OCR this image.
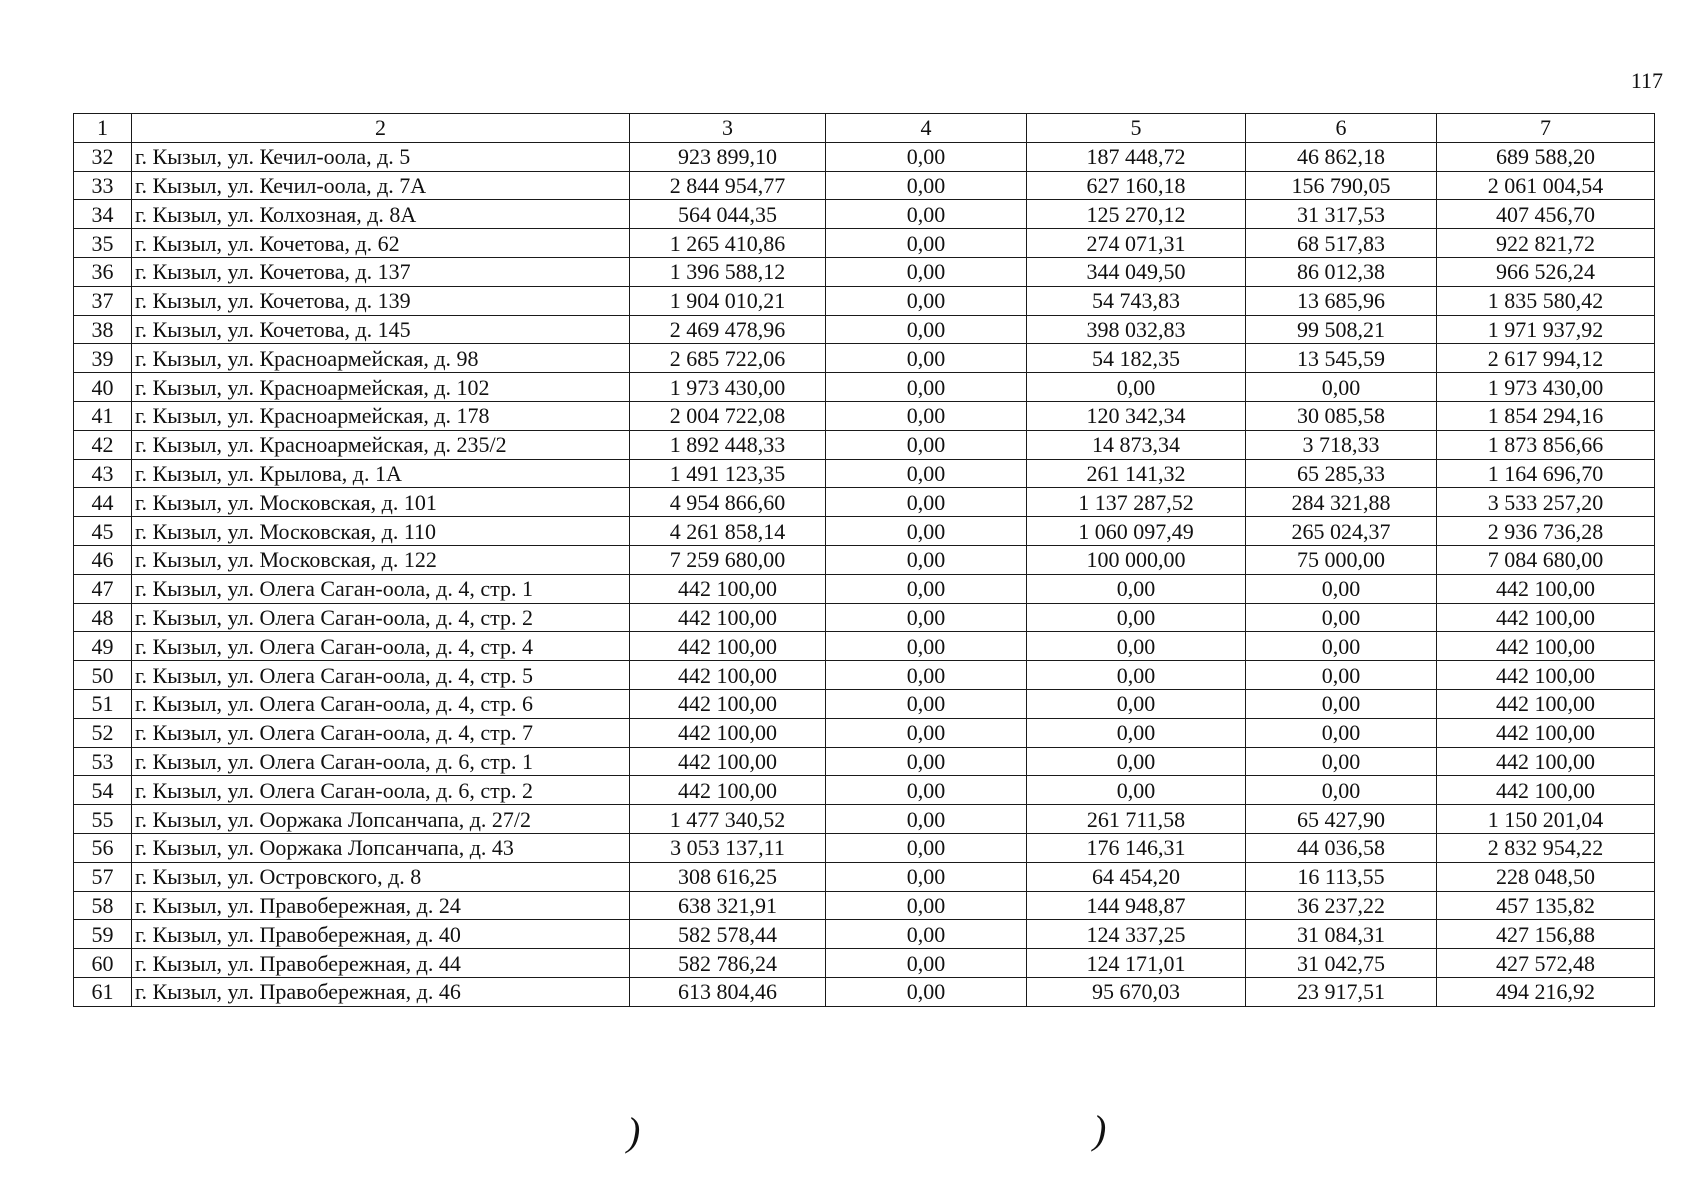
117
1	2	3	4	5	6	7
32	г. Кызыл, ул. Кечил-оола, д. 5	923 899,10	0,00	187 448,72	46 862,18	689 588,20
33	г. Кызыл, ул. Кечил-оола, д. 7А	2 844 954,77	0,00	627 160,18	156 790,05	2 061 004,54
34	г. Кызыл, ул. Колхозная, д. 8А	564 044,35	0,00	125 270,12	31 317,53	407 456,70
35	г. Кызыл, ул. Кочетова, д. 62	1 265 410,86	0,00	274 071,31	68 517,83	922 821,72
36	г. Кызыл, ул. Кочетова, д. 137	1 396 588,12	0,00	344 049,50	86 012,38	966 526,24
37	г. Кызыл, ул. Кочетова, д. 139	1 904 010,21	0,00	54 743,83	13 685,96	1 835 580,42
38	г. Кызыл, ул. Кочетова, д. 145	2 469 478,96	0,00	398 032,83	99 508,21	1 971 937,92
39	г. Кызыл, ул. Красноармейская, д. 98	2 685 722,06	0,00	54 182,35	13 545,59	2 617 994,12
40	г. Кызыл, ул. Красноармейская, д. 102	1 973 430,00	0,00	0,00	0,00	1 973 430,00
41	г. Кызыл, ул. Красноармейская, д. 178	2 004 722,08	0,00	120 342,34	30 085,58	1 854 294,16
42	г. Кызыл, ул. Красноармейская, д. 235/2	1 892 448,33	0,00	14 873,34	3 718,33	1 873 856,66
43	г. Кызыл, ул. Крылова, д. 1А	1 491 123,35	0,00	261 141,32	65 285,33	1 164 696,70
44	г. Кызыл, ул. Московская, д. 101	4 954 866,60	0,00	1 137 287,52	284 321,88	3 533 257,20
45	г. Кызыл, ул. Московская, д. 110	4 261 858,14	0,00	1 060 097,49	265 024,37	2 936 736,28
46	г. Кызыл, ул. Московская, д. 122	7 259 680,00	0,00	100 000,00	75 000,00	7 084 680,00
47	г. Кызыл, ул. Олега Саган-оола, д. 4, стр. 1	442 100,00	0,00	0,00	0,00	442 100,00
48	г. Кызыл, ул. Олега Саган-оола, д. 4, стр. 2	442 100,00	0,00	0,00	0,00	442 100,00
49	г. Кызыл, ул. Олега Саган-оола, д. 4, стр. 4	442 100,00	0,00	0,00	0,00	442 100,00
50	г. Кызыл, ул. Олега Саган-оола, д. 4, стр. 5	442 100,00	0,00	0,00	0,00	442 100,00
51	г. Кызыл, ул. Олега Саган-оола, д. 4, стр. 6	442 100,00	0,00	0,00	0,00	442 100,00
52	г. Кызыл, ул. Олега Саган-оола, д. 4, стр. 7	442 100,00	0,00	0,00	0,00	442 100,00
53	г. Кызыл, ул. Олега Саган-оола, д. 6, стр. 1	442 100,00	0,00	0,00	0,00	442 100,00
54	г. Кызыл, ул. Олега Саган-оола, д. 6, стр. 2	442 100,00	0,00	0,00	0,00	442 100,00
55	г. Кызыл, ул. Ооржака Лопсанчапа, д. 27/2	1 477 340,52	0,00	261 711,58	65 427,90	1 150 201,04
56	г. Кызыл, ул. Ооржака Лопсанчапа, д. 43	3 053 137,11	0,00	176 146,31	44 036,58	2 832 954,22
57	г. Кызыл, ул. Островского, д. 8	308 616,25	0,00	64 454,20	16 113,55	228 048,50
58	г. Кызыл, ул. Правобережная, д. 24	638 321,91	0,00	144 948,87	36 237,22	457 135,82
59	г. Кызыл, ул. Правобережная, д. 40	582 578,44	0,00	124 337,25	31 084,31	427 156,88
60	г. Кызыл, ул. Правобережная, д. 44	582 786,24	0,00	124 171,01	31 042,75	427 572,48
61	г. Кызыл, ул. Правобережная, д. 46	613 804,46	0,00	95 670,03	23 917,51	494 216,92
)	)
